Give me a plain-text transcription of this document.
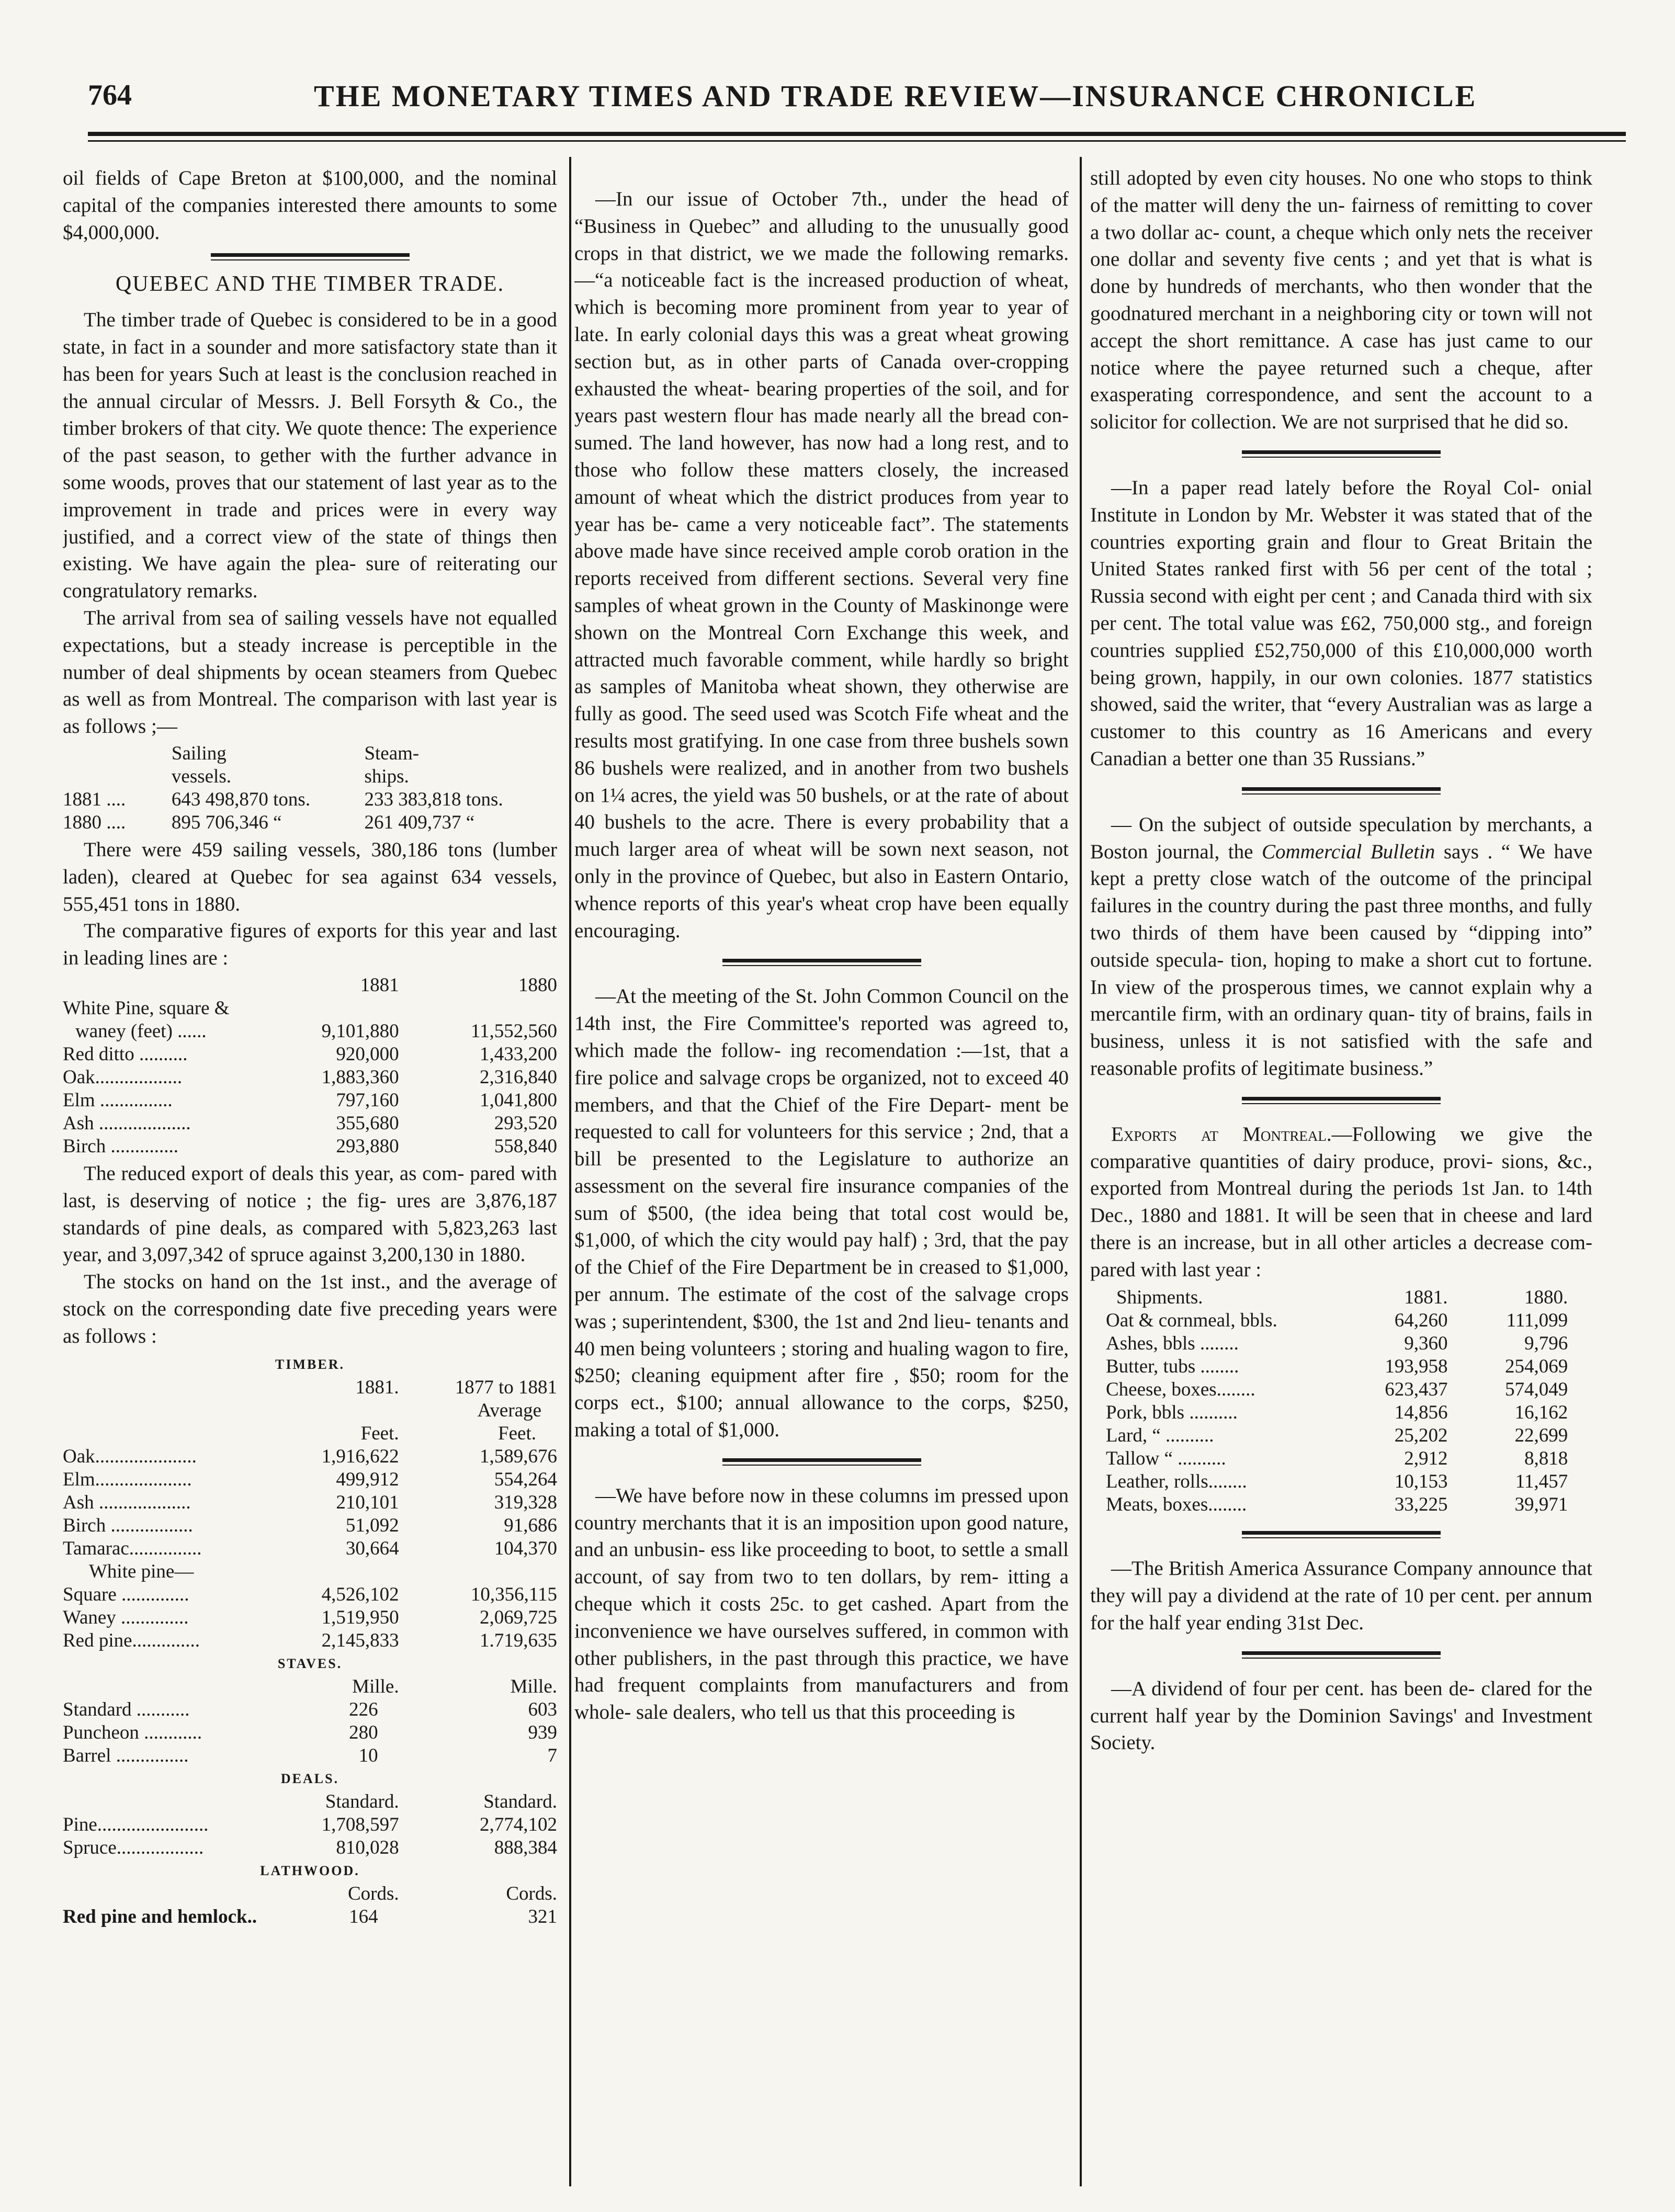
764	THE MONETARY TIMES AND TRADE REVIEW—INSURANCE CHRONICLE

oil fields of Cape Breton at $100,000, and the nominal capital of the companies interested there amounts to some $4,000,000.

QUEBEC AND THE TIMBER TRADE.

The timber trade of Quebec is considered to be in a good state, in fact in a sounder and more satisfactory state than it has been for years Such at least is the conclusion reached in the annual circular of Messrs. J. Bell Forsyth & Co., the timber brokers of that city. We quote thence: The experience of the past season, to gether with the further advance in some woods, proves that our statement of last year as to the improvement in trade and prices were in every way justified, and a correct view of the state of things then existing. We have again the plea- sure of reiterating our congratulatory remarks.

The arrival from sea of sailing vessels have not equalled expectations, but a steady increase is perceptible in the number of deal shipments by ocean steamers from Quebec as well as from Montreal. The comparison with last year is as follows ;—

	Sailing	Steam-
	vessels.	ships.
1881 ....	643 498,870 tons.	233 383,818 tons.
1880 ....	895 706,346 “	261 409,737 “

There were 459 sailing vessels, 380,186 tons (lumber laden), cleared at Quebec for sea against 634 vessels, 555,451 tons in 1880.

The comparative figures of exports for this year and last in leading lines are :

	1881	1880
White Pine, square &		
waney (feet) ......	9,101,880	11,552,560
Red ditto ..........	920,000	1,433,200
Oak..................	1,883,360	2,316,840
Elm ...............	797,160	1,041,800
Ash ...................	355,680	293,520
Birch ..............	293,880	558,840

The reduced export of deals this year, as com- pared with last, is deserving of notice ; the fig- ures are 3,876,187 standards of pine deals, as compared with 5,823,263 last year, and 3,097,342 of spruce against 3,200,130 in 1880.

The stocks on hand on the 1st inst., and the average of stock on the corresponding date five preceding years were as follows :

TIMBER.		
	1881.	1877 to 1881
		Average
	Feet.	Feet.
Oak.....................	1,916,622	1,589,676
Elm....................	499,912	554,264
Ash ...................	210,101	319,328
Birch .................	51,092	91,686
Tamarac...............	30,664	104,370
White pine—		
Square ..............	4,526,102	10,356,115
Waney ..............	1,519,950	2,069,725
Red pine..............	2,145,833	1.719,635
STAVES.		
	Mille.	Mille.
Standard ...........	226	603
Puncheon ............	280	939
Barrel ...............	10	7
DEALS.		
	Standard.	Standard.
Pine.......................	1,708,597	2,774,102
Spruce..................	810,028	888,384
LATHWOOD.		
	Cords.	Cords.
Red pine and hemlock..	164	321

—In our issue of October 7th., under the head of “Business in Quebec” and alluding to the unusually good crops in that district, we we made the following remarks.—“a noticeable fact is the increased production of wheat, which is becoming more prominent from year to year of late. In early colonial days this was a great wheat growing section but, as in other parts of Canada over-cropping exhausted the wheat- bearing properties of the soil, and for years past western flour has made nearly all the bread con- sumed. The land however, has now had a long rest, and to those who follow these matters closely, the increased amount of wheat which the district produces from year to year has be- came a very noticeable fact”. The statements above made have since received ample corob oration in the reports received from different sections. Several very fine samples of wheat grown in the County of Maskinonge were shown on the Montreal Corn Exchange this week, and attracted much favorable comment, while hardly so bright as samples of Manitoba wheat shown, they otherwise are fully as good. The seed used was Scotch Fife wheat and the results most gratifying. In one case from three bushels sown 86 bushels were realized, and in another from two bushels on 1¼ acres, the yield was 50 bushels, or at the rate of about 40 bushels to the acre. There is every probability that a much larger area of wheat will be sown next season, not only in the province of Quebec, but also in Eastern Ontario, whence reports of this year's wheat crop have been equally encouraging.

—At the meeting of the St. John Common Council on the 14th inst, the Fire Committee's reported was agreed to, which made the follow- ing recomendation :—1st, that a fire police and salvage crops be organized, not to exceed 40 members, and that the Chief of the Fire Depart- ment be requested to call for volunteers for this service ; 2nd, that a bill be presented to the Legislature to authorize an assessment on the several fire insurance companies of the sum of $500, (the idea being that total cost would be, $1,000, of which the city would pay half) ; 3rd, that the pay of the Chief of the Fire Department be in creased to $1,000, per annum. The estimate of the cost of the salvage crops was ; superintendent, $300, the 1st and 2nd lieu- tenants and 40 men being volunteers ; storing and hualing wagon to fire, $250; cleaning equipment after fire , $50; room for the corps ect., $100; annual allowance to the corps, $250, making a total of $1,000.

—We have before now in these columns im pressed upon country merchants that it is an imposition upon good nature, and an unbusin- ess like proceeding to boot, to settle a small account, of say from two to ten dollars, by rem- itting a cheque which it costs 25c. to get cashed. Apart from the inconvenience we have ourselves suffered, in common with other publishers, in the past through this practice, we have had frequent complaints from manufacturers and from whole- sale dealers, who tell us that this proceeding is

still adopted by even city houses. No one who stops to think of the matter will deny the un- fairness of remitting to cover a two dollar ac- count, a cheque which only nets the receiver one dollar and seventy five cents ; and yet that is what is done by hundreds of merchants, who then wonder that the goodnatured merchant in a neighboring city or town will not accept the short remittance. A case has just came to our notice where the payee returned such a cheque, after exasperating correspondence, and sent the account to a solicitor for collection. We are not surprised that he did so.

—In a paper read lately before the Royal Col- onial Institute in London by Mr. Webster it was stated that of the countries exporting grain and flour to Great Britain the United States ranked first with 56 per cent of the total ; Russia second with eight per cent ; and Canada third with six per cent. The total value was £62, 750,000 stg., and foreign countries supplied £52,750,000 of this £10,000,000 worth being grown, happily, in our own colonies. 1877 statistics showed, said the writer, that “every Australian was as large a customer to this country as 16 Americans and every Canadian a better one than 35 Russians.”

— On the subject of outside speculation by merchants, a Boston journal, the Commercial Bulletin says . “ We have kept a pretty close watch of the outcome of the principal failures in the country during the past three months, and fully two thirds of them have been caused by “dipping into” outside specula- tion, hoping to make a short cut to fortune. In view of the prosperous times, we cannot explain why a mercantile firm, with an ordinary quan- tity of brains, fails in business, unless it is not satisfied with the safe and reasonable profits of legitimate business.”

Exports at Montreal.—Following we give the comparative quantities of dairy produce, provi- sions, &c., exported from Montreal during the periods 1st Jan. to 14th Dec., 1880 and 1881. It will be seen that in cheese and lard there is an increase, but in all other articles a decrease com- pared with last year :

Shipments.	1881.	1880.
Oat & cornmeal, bbls.	64,260	111,099
Ashes, bbls ........	9,360	9,796
Butter, tubs ........	193,958	254,069
Cheese, boxes........	623,437	574,049
Pork, bbls ..........	14,856	16,162
Lard, “ ..........	25,202	22,699
Tallow “ ..........	2,912	8,818
Leather, rolls........	10,153	11,457
Meats, boxes........	33,225	39,971

—The British America Assurance Company announce that they will pay a dividend at the rate of 10 per cent. per annum for the half year ending 31st Dec.

—A dividend of four per cent. has been de- clared for the current half year by the Dominion Savings' and Investment Society.
